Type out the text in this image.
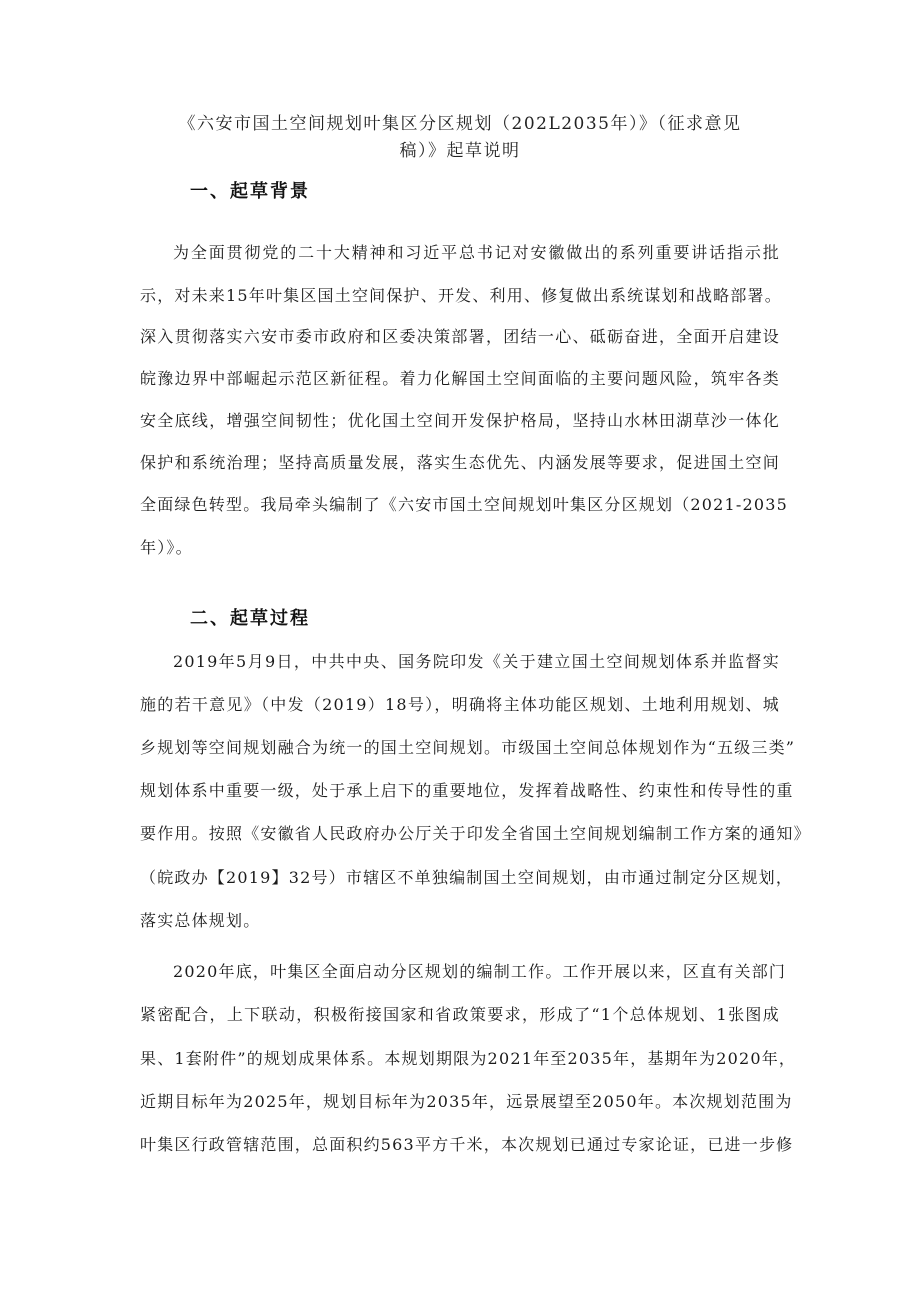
《六安市国土空间规划叶集区分区规划（202L2035年）》（征求意见
稿）》起草说明
一、起草背景
为全面贯彻党的二十大精神和习近平总书记对安徽做出的系列重要讲话指示批
示，对未来15年叶集区国土空间保护、开发、利用、修复做出系统谋划和战略部署。
深入贯彻落实六安市委市政府和区委决策部署，团结一心、砥砺奋进，全面开启建设
皖豫边界中部崛起示范区新征程。着力化解国土空间面临的主要问题风险，筑牢各类
安全底线，增强空间韧性；优化国土空间开发保护格局，坚持山水林田湖草沙一体化
保护和系统治理；坚持高质量发展，落实生态优先、内涵发展等要求，促进国土空间
全面绿色转型。我局牵头编制了《六安市国土空间规划叶集区分区规划（2021-2035
年）》。
二、起草过程
2019年5月9日，中共中央、国务院印发《关于建立国土空间规划体系并监督实
施的若干意见》（中发（2019）18号），明确将主体功能区规划、土地利用规划、城
乡规划等空间规划融合为统一的国土空间规划。市级国土空间总体规划作为“五级三类”
规划体系中重要一级，处于承上启下的重要地位，发挥着战略性、约束性和传导性的重
要作用。按照《安徽省人民政府办公厅关于印发全省国土空间规划编制工作方案的通知》
（皖政办【2019】32号）市辖区不单独编制国土空间规划，由市通过制定分区规划，
落实总体规划。
2020年底，叶集区全面启动分区规划的编制工作。工作开展以来，区直有关部门
紧密配合，上下联动，积极衔接国家和省政策要求，形成了“1个总体规划、1张图成
果、1套附件”的规划成果体系。本规划期限为2021年至2035年，基期年为2020年，
近期目标年为2025年，规划目标年为2035年，远景展望至2050年。本次规划范围为
叶集区行政管辖范围，总面积约563平方千米，本次规划已通过专家论证，已进一步修
